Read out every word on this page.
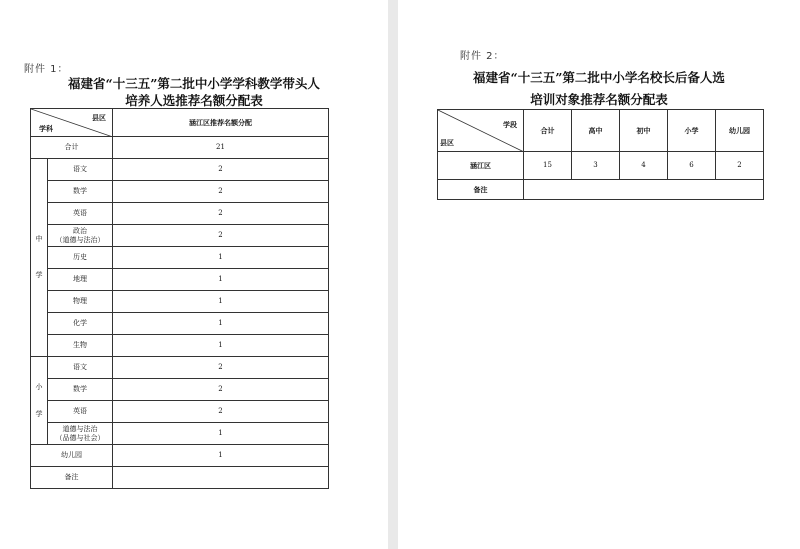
附件 1：
福建省“十三五”第二批中小学学科教学带头人
培养人选推荐名额分配表
县区
学科		涵江区推荐名额分配
合计		21
中

学	语文	2
	数学	2
	英语	2
	政治
（道德与法治）	2
	历史	1
	地理	1
	物理	1
	化学	1
	生物	1
小

学	语文	2
	数学	2
	英语	2
	道德与法治
（品德与社会）	1
幼儿园		1
备注		
附件 2：
福建省“十三五”第二批中小学名校长后备人选
培训对象推荐名额分配表
学段
县区	合计	高中	初中	小学	幼儿园
涵江区	15	3	4	6	2
备注					
